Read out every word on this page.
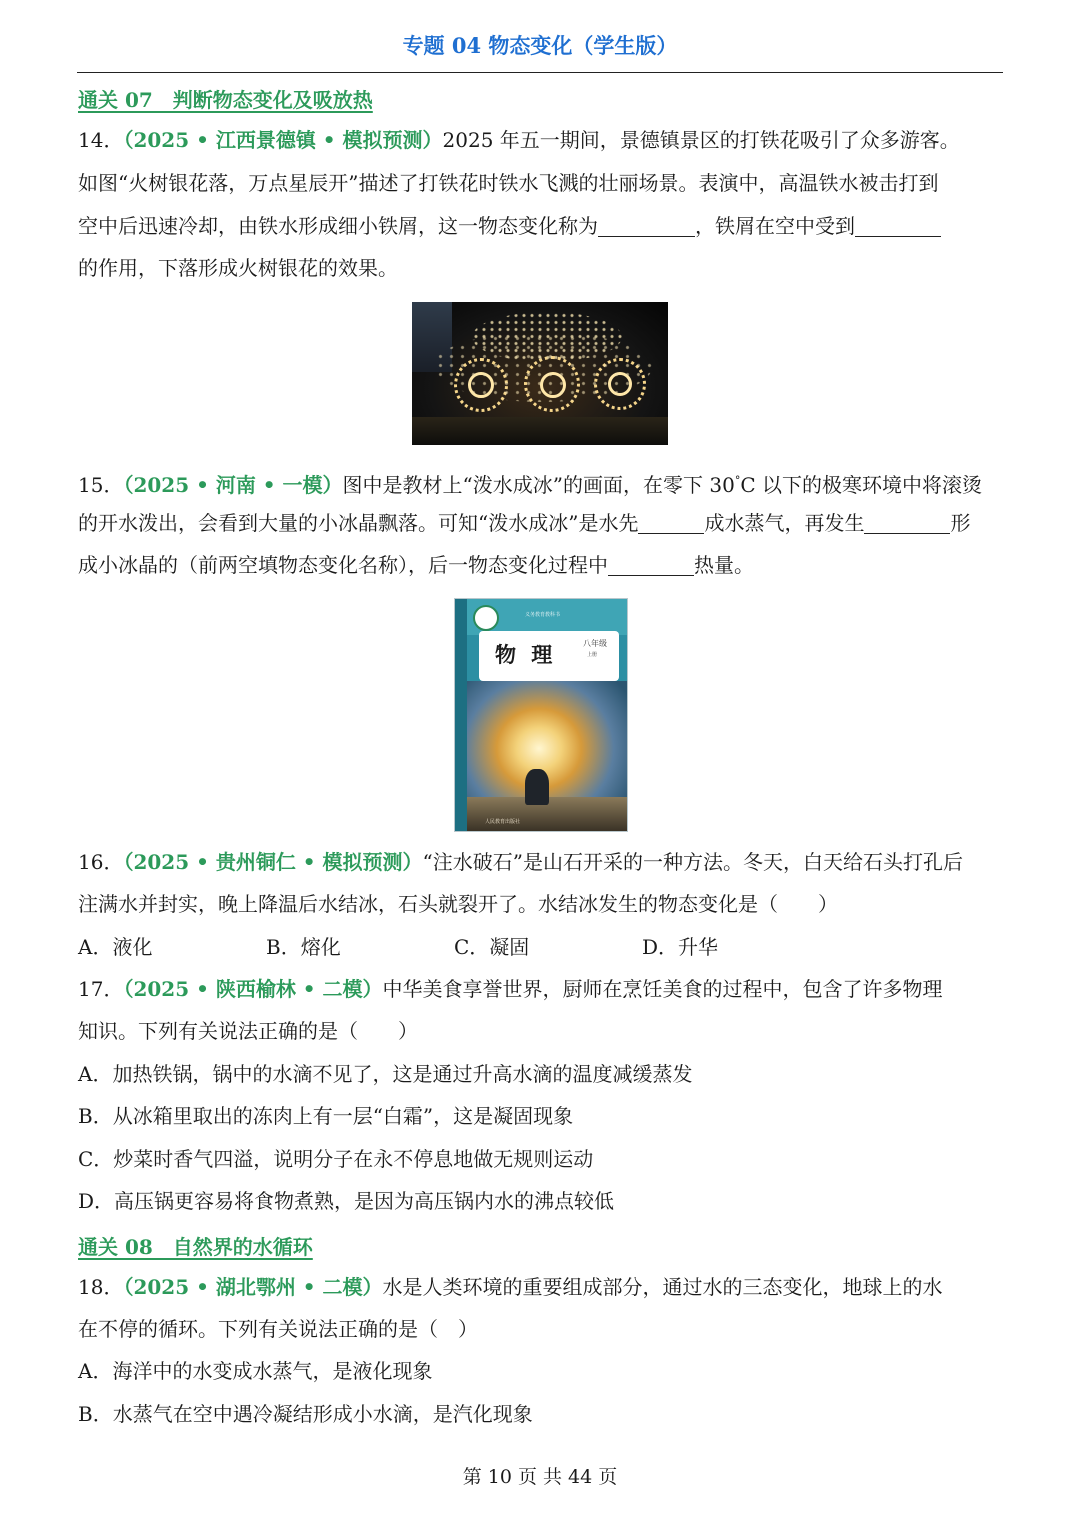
专题 04 物态变化（学生版）
通关 07　判断物态变化及吸放热
14．（2025 • 江西景德镇 • 模拟预测）2025 年五一期间，景德镇景区的打铁花吸引了众多游客。
如图“火树银花落，万点星辰开”描述了打铁花时铁水飞溅的壮丽场景。表演中，高温铁水被击打到
空中后迅速冷却，由铁水形成细小铁屑，这一物态变化称为	，铁屑在空中受到
的作用，下落形成火树银花的效果。
15．（2025 • 河南 • 一模）图中是教材上“泼水成冰”的画面，在零下 30°C 以下的极寒环境中将滚烫
的开水泼出，会看到大量的小冰晶飘落。可知“泼水成冰”是水先	成水蒸气，再发生	形
成小冰晶的（前两空填物态变化名称），后一物态变化过程中	热量。
义务教育教科书
物 理	八年级
上册
人民教育出版社
16．（2025 • 贵州铜仁 • 模拟预测）“注水破石”是山石开采的一种方法。冬天，白天给石头打孔后
注满水并封实，晚上降温后水结冰，石头就裂开了。水结冰发生的物态变化是（　　）
A．液化	B．熔化	C．凝固	D．升华
17．（2025 • 陕西榆林 • 二模）中华美食享誉世界，厨师在烹饪美食的过程中，包含了许多物理
知识。下列有关说法正确的是（　　）
A．加热铁锅，锅中的水滴不见了，这是通过升高水滴的温度减缓蒸发
B．从冰箱里取出的冻肉上有一层“白霜”，这是凝固现象
C．炒菜时香气四溢，说明分子在永不停息地做无规则运动
D．高压锅更容易将食物煮熟，是因为高压锅内水的沸点较低
通关 08　自然界的水循环
18．（2025 • 湖北鄂州 • 二模）水是人类环境的重要组成部分，通过水的三态变化，地球上的水
在不停的循环。下列有关说法正确的是（　）
A．海洋中的水变成水蒸气，是液化现象
B．水蒸气在空中遇冷凝结形成小水滴，是汽化现象
第 10 页 共 44 页
